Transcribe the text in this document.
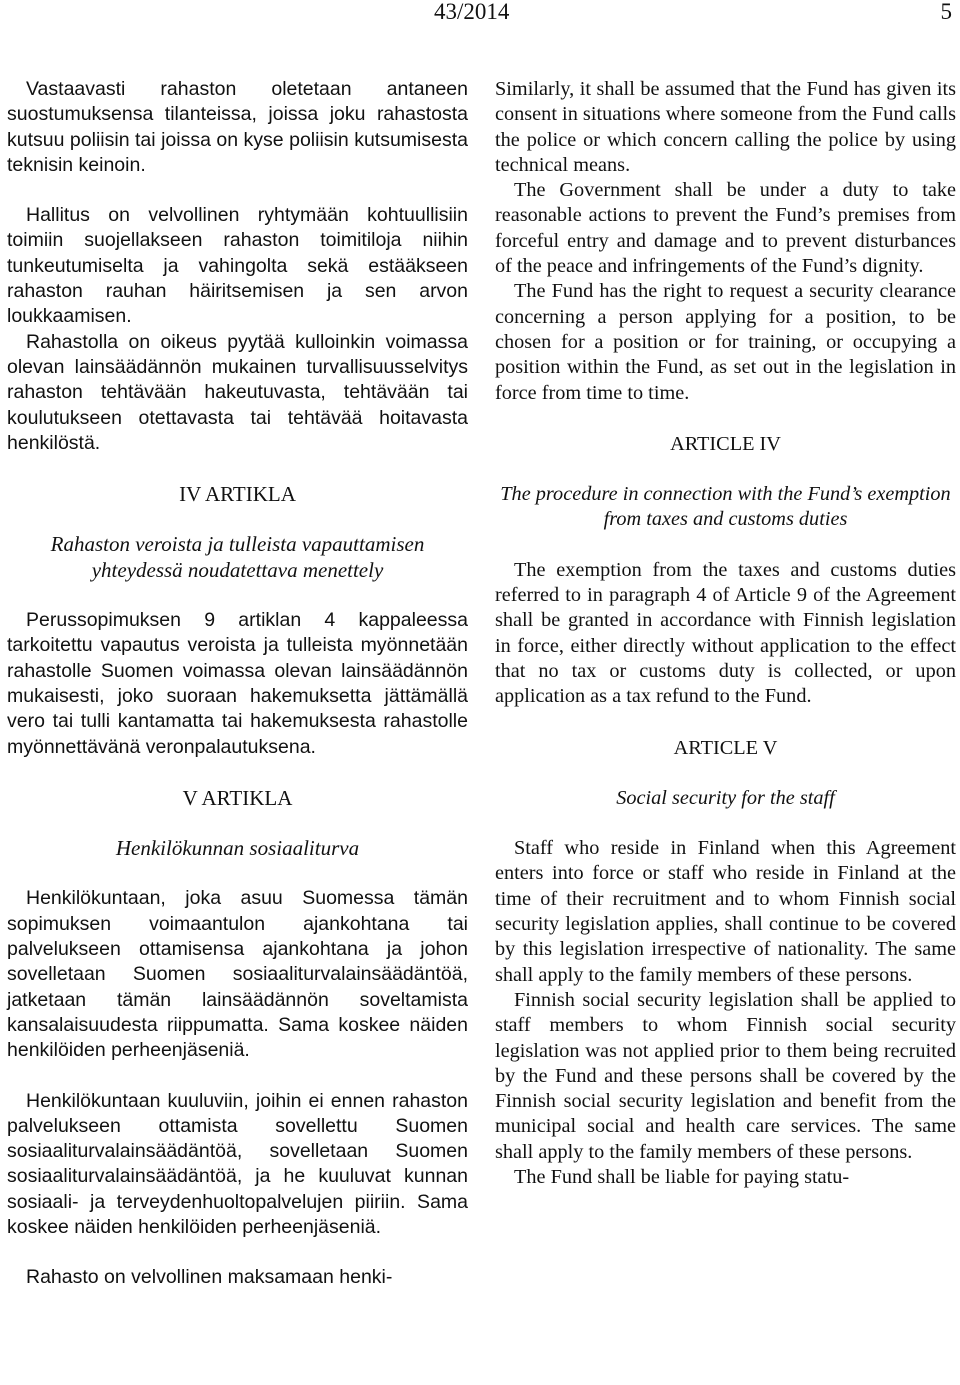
43/2014	5

Vastaavasti rahaston oletetaan antaneen suostumuksensa tilanteissa, joissa joku rahastosta kutsuu poliisin tai joissa on kyse poliisin kutsumisesta teknisin keinoin.

Hallitus on velvollinen ryhtymään kohtuullisiin toimiin suojellakseen rahaston toimitiloja niihin tunkeutumiselta ja vahingolta sekä estääkseen rahaston rauhan häiritsemisen ja sen arvon loukkaamisen.

Rahastolla on oikeus pyytää kulloinkin voimassa olevan lainsäädännön mukainen turvallisuusselvitys rahaston tehtävään hakeutuvasta, tehtävään tai koulutukseen otettavasta tai tehtävää hoitavasta henkilöstä.

IV ARTIKLA

Rahaston veroista ja tulleista vapauttamisen yhteydessä noudatettava menettely

Perussopimuksen 9 artiklan 4 kappaleessa tarkoitettu vapautus veroista ja tulleista myönnetään rahastolle Suomen voimassa olevan lainsäädännön mukaisesti, joko suoraan hakemuksetta jättämällä vero tai tulli kantamatta tai hakemuksesta rahastolle myönnettävänä veronpalautuksena.

V ARTIKLA

Henkilökunnan sosiaaliturva

Henkilökuntaan, joka asuu Suomessa tämän sopimuksen voimaantulon ajankohtana tai palvelukseen ottamisensa ajankohtana ja johon sovelletaan Suomen sosiaaliturvalainsäädäntöä, jatketaan tämän lainsäädännön soveltamista kansalaisuudesta riippumatta. Sama koskee näiden henkilöiden perheenjäseniä.

Henkilökuntaan kuuluviin, joihin ei ennen rahaston palvelukseen ottamista sovellettu Suomen sosiaaliturvalainsäädäntöä, sovelletaan Suomen sosiaaliturvalainsäädäntöä, ja he kuuluvat kunnan sosiaali- ja terveydenhuoltopalvelujen piiriin. Sama koskee näiden henkilöiden perheenjäseniä.

Rahasto on velvollinen maksamaan henki-

Similarly, it shall be assumed that the Fund has given its consent in situations where someone from the Fund calls the police or which concern calling the police by using technical means.

The Government shall be under a duty to take reasonable actions to prevent the Fund’s premises from forceful entry and damage and to prevent disturbances of the peace and infringements of the Fund’s dignity.

The Fund has the right to request a security clearance concerning a person applying for a position, to be chosen for a position or for training, or occupying a position within the Fund, as set out in the legislation in force from time to time.

ARTICLE IV

The procedure in connection with the Fund’s exemption from taxes and customs duties

The exemption from the taxes and customs duties referred to in paragraph 4 of Article 9 of the Agreement shall be granted in accordance with Finnish legislation in force, either directly without application to the effect that no tax or customs duty is collected, or upon application as a tax refund to the Fund.

ARTICLE V

Social security for the staff

Staff who reside in Finland when this Agreement enters into force or staff who reside in Finland at the time of their recruitment and to whom Finnish social security legislation applies, shall continue to be covered by this legislation irrespective of nationality. The same shall apply to the family members of these persons.

Finnish social security legislation shall be applied to staff members to whom Finnish social security legislation was not applied prior to them being recruited by the Fund and these persons shall be covered by the Finnish social security legislation and benefit from the municipal social and health care services. The same shall apply to the family members of these persons.

The Fund shall be liable for paying statu-
